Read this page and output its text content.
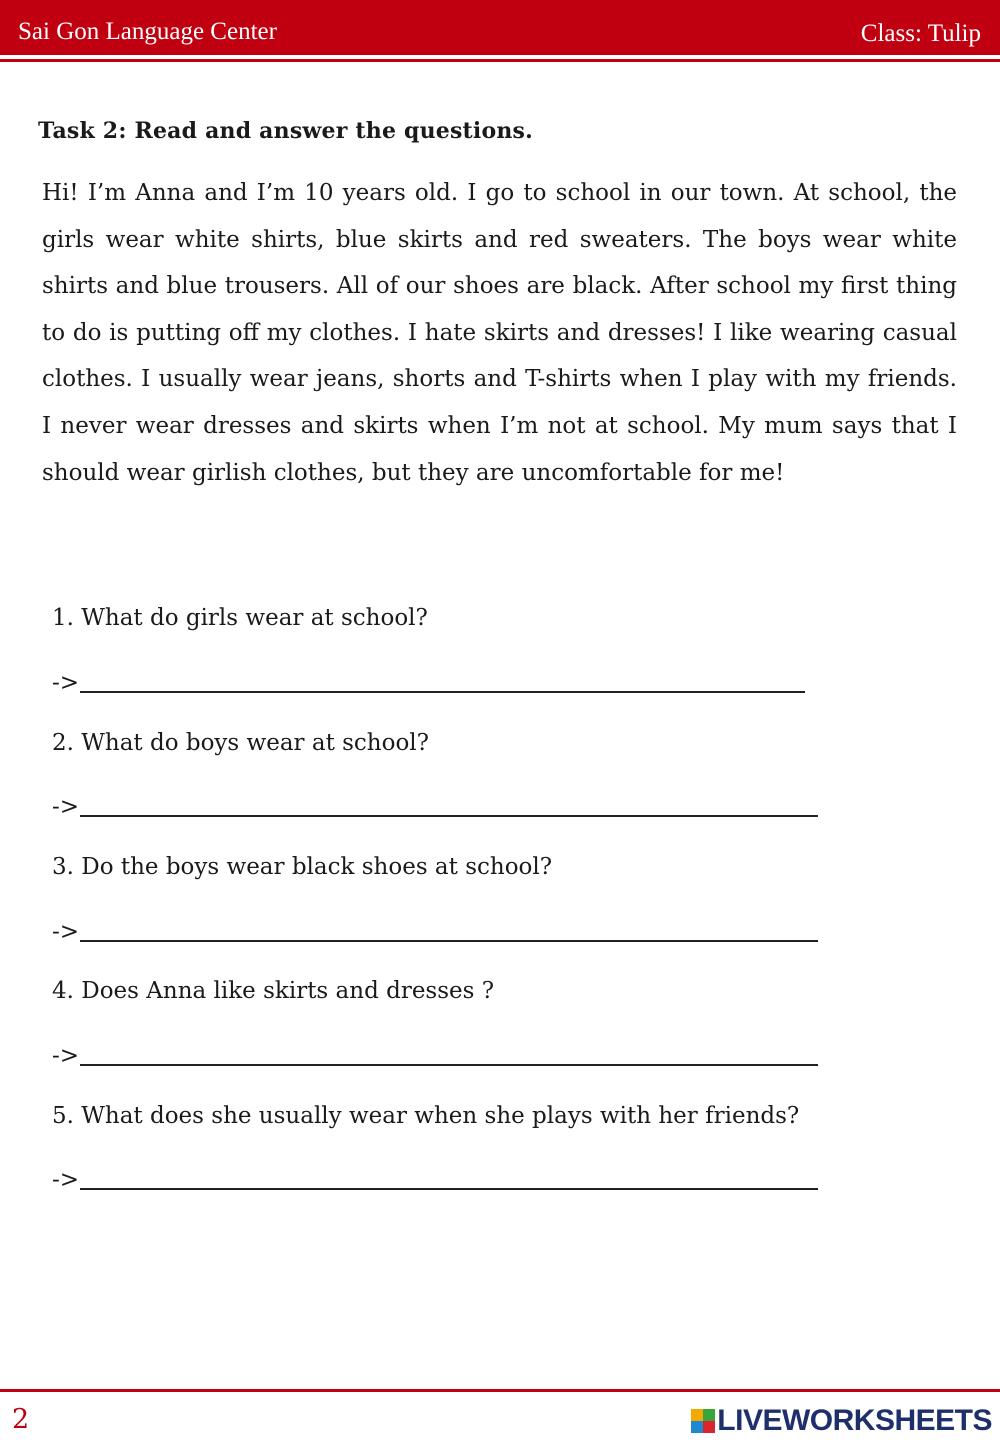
Sai Gon Language Center	Class: Tulip
Task 2: Read and answer the questions.
Hi! I’m Anna and I’m 10 years old. I go to school in our town. At school, the girls wear white shirts, blue skirts and red sweaters. The boys wear white shirts and blue trousers. All of our shoes are black. After school my first thing to do is putting off my clothes. I hate skirts and dresses! I like wearing casual clothes. I usually wear jeans, shorts and T-shirts when I play with my friends. I never wear dresses and skirts when I’m not at school. My mum says that I should wear girlish clothes, but they are uncomfortable for me!
1. What do girls wear at school?
->
2. What do boys wear at school?
->
3. Do the boys wear black shoes at school?
->
4. Does Anna like skirts and dresses ?
->
5. What does she usually wear when she plays with her friends?
->
2	LIVEWORKSHEETS
